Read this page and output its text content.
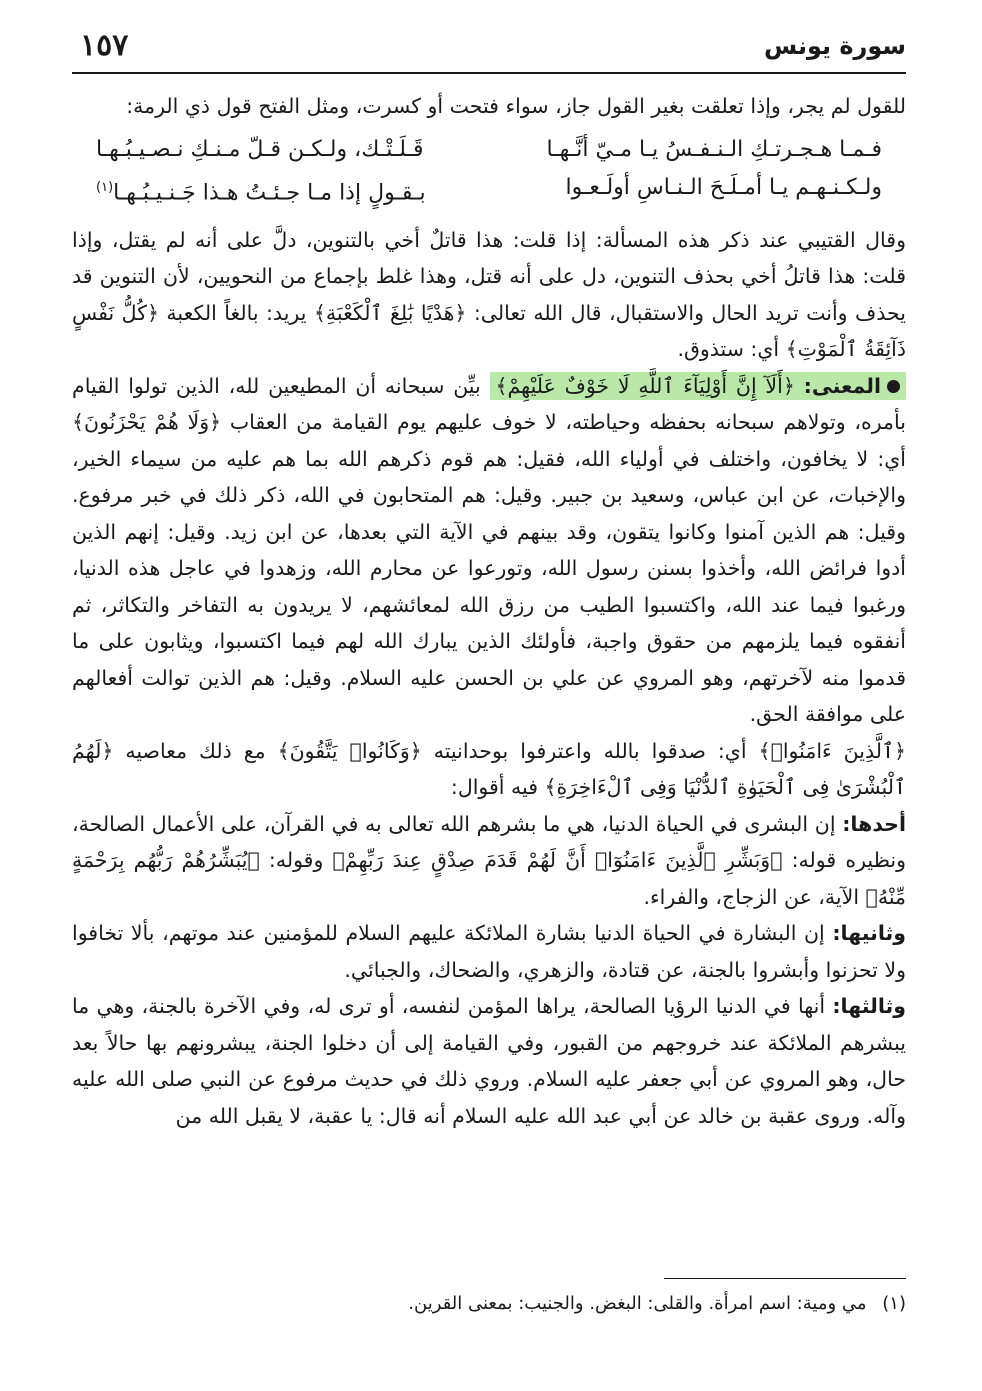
١٥٧	سورة يونس

للقول لم يجر، وإذا تعلقت بغير القول جاز، سواء فتحت أو كسرت، ومثل الفتح قول ذي الرمة:

فـمـا هـجـرتـكِ الـنـفـسُ يـا مـيّ أنَّـهـا
قَـلَـتْـك، ولـكـن قـلّ مـنـكِ نـصـيـبُـهـا
ولـكـنـهـم يـا أمـلَـحَ الـنـاسِ أولَـعـوا
بـقـولٍ إذا مـا جـئـتُ هـذا جَـنـيـبُـهـا$^{(١)}$

وقال القتيبي عند ذكر هذه المسألة: إذا قلت: هذا قاتلٌ أخي بالتنوين، دلَّ على أنه لم يقتل، وإذا قلت: هذا قاتلُ أخي بحذف التنوين، دل على أنه قتل، وهذا غلط بإجماع من النحويين، لأن التنوين قد يحذف وأنت تريد الحال والاستقبال، قال الله تعالى: ﴿هَدْيًا بَٰلِغَ ٱلْكَعْبَةِ﴾ يريد: بالغاً الكعبة ﴿كُلُّ نَفْسٍ ذَآئِقَةُ ٱلْمَوْتِ﴾ أي: ستذوق.

المعنى: ﴿أَلَآ إِنَّ أَوْلِيَآءَ ٱللَّهِ لَا خَوْفٌ عَلَيْهِمْ﴾ بيِّن سبحانه أن المطيعين لله، الذين تولوا القيام بأمره، وتولاهم سبحانه بحفظه وحياطته، لا خوف عليهم يوم القيامة من العقاب ﴿وَلَا هُمْ يَحْزَنُونَ﴾ أي: لا يخافون، واختلف في أولياء الله، فقيل: هم قوم ذكرهم الله بما هم عليه من سيماء الخير، والإخبات، عن ابن عباس، وسعيد بن جبير. وقيل: هم المتحابون في الله، ذكر ذلك في خبر مرفوع. وقيل: هم الذين آمنوا وكانوا يتقون، وقد بينهم في الآية التي بعدها، عن ابن زيد. وقيل: إنهم الذين أدوا فرائض الله، وأخذوا بسنن رسول الله، وتورعوا عن محارم الله، وزهدوا في عاجل هذه الدنيا، ورغبوا فيما عند الله، واكتسبوا الطيب من رزق الله لمعائشهم، لا يريدون به التفاخر والتكاثر، ثم أنفقوه فيما يلزمهم من حقوق واجبة، فأولئك الذين يبارك الله لهم فيما اكتسبوا، ويثابون على ما قدموا منه لآخرتهم، وهو المروي عن علي بن الحسن عليه السلام. وقيل: هم الذين توالت أفعالهم على موافقة الحق.

﴿ٱلَّذِينَ ءَامَنُوا۟﴾ أي: صدقوا بالله واعترفوا بوحدانيته ﴿وَكَانُوا۟ يَتَّقُونَ﴾ مع ذلك معاصيه ﴿لَهُمُ ٱلْبُشْرَىٰ فِى ٱلْحَيَوٰةِ ٱلدُّنْيَا وَفِى ٱلْءَاخِرَةِ﴾ فيه أقوال:

أحدها: إن البشرى في الحياة الدنيا، هي ما بشرهم الله تعالى به في القرآن، على الأعمال الصالحة، ونظيره قوله: ﴿وَبَشِّرِ ٱلَّذِينَ ءَامَنُوٓا۟ أَنَّ لَهُمْ قَدَمَ صِدْقٍ عِندَ رَبِّهِمْ﴾ وقوله: ﴿يُبَشِّرُهُمْ رَبُّهُم بِرَحْمَةٍ مِّنْهُ﴾ الآية، عن الزجاج، والفراء.

وثانيها: إن البشارة في الحياة الدنيا بشارة الملائكة عليهم السلام للمؤمنين عند موتهم، بألا تخافوا ولا تحزنوا وأبشروا بالجنة، عن قتادة، والزهري، والضحاك، والجبائي.

وثالثها: أنها في الدنيا الرؤيا الصالحة، يراها المؤمن لنفسه، أو ترى له، وفي الآخرة بالجنة، وهي ما يبشرهم الملائكة عند خروجهم من القبور، وفي القيامة إلى أن دخلوا الجنة، يبشرونهم بها حالاً بعد حال، وهو المروي عن أبي جعفر عليه السلام. وروي ذلك في حديث مرفوع عن النبي صلى الله عليه وآله. وروى عقبة بن خالد عن أبي عبد الله عليه السلام أنه قال: يا عقبة، لا يقبل الله من

(١) مي ومية: اسم امرأة. والقلى: البغض. والجنيب: بمعنى القرين.
